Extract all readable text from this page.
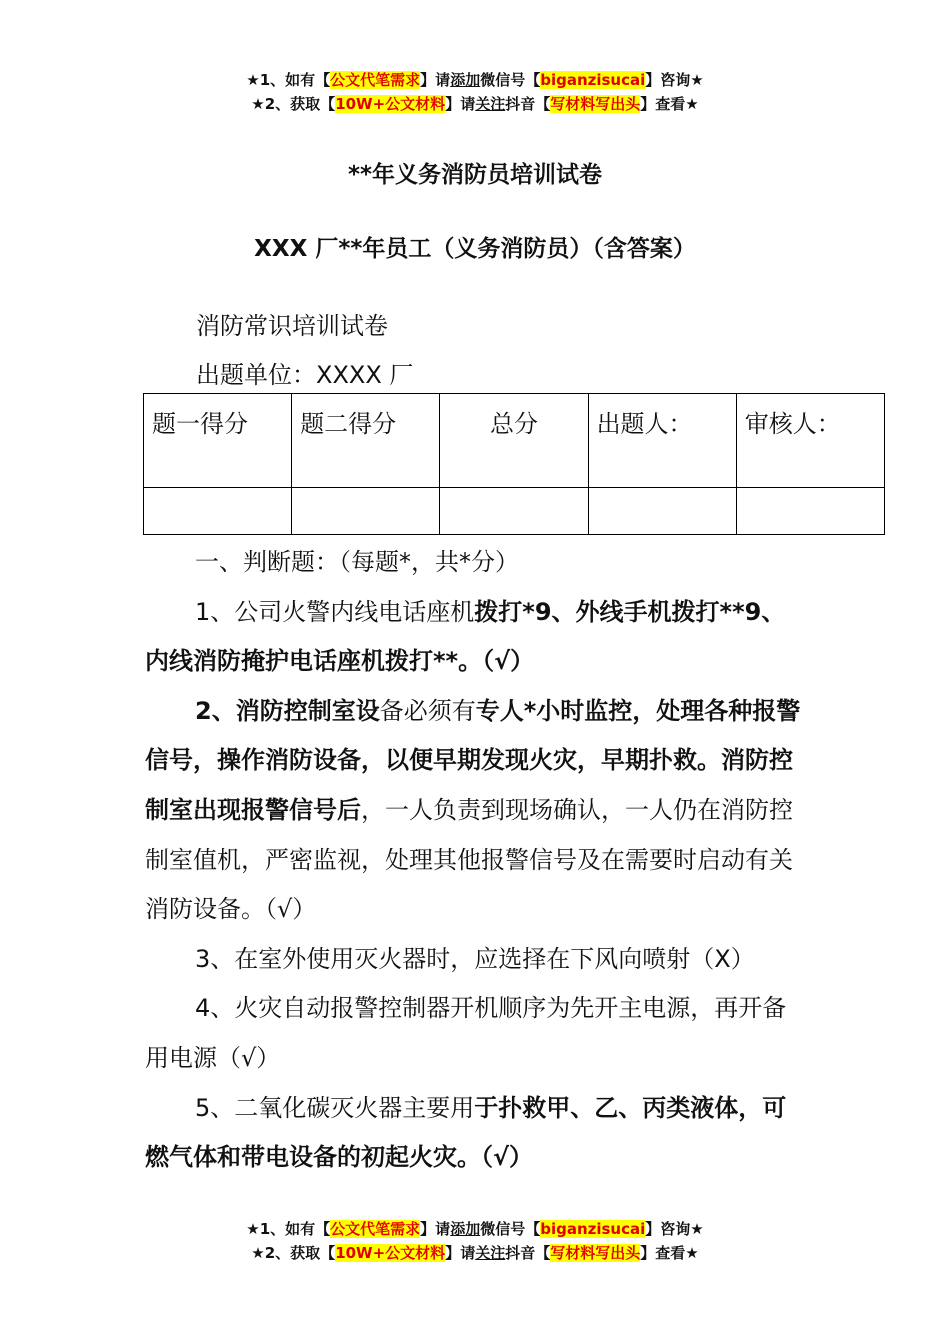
★1、如有【公文代笔需求】请添加微信号【biganzisucai】咨询★
★2、获取【10W+公文材料】请关注抖音【写材料写出头】查看★
**年义务消防员培训试卷
XXX 厂**年员工（义务消防员）（含答案）
消防常识培训试卷
出题单位：XXXX 厂
题一得分	题二得分	总分	出题人：	审核人：

一、判断题：（每题*，共*分）

1、公司火警内线电话座机拨打*9、外线手机拨打**9、内线消防掩护电话座机拨打**。（√）

2、消防控制室设备必须有专人*小时监控，处理各种报警信号，操作消防设备，以便早期发现火灾，早期扑救。消防控制室出现报警信号后，一人负责到现场确认，一人仍在消防控制室值机，严密监视，处理其他报警信号及在需要时启动有关消防设备。（√）

3、在室外使用灭火器时，应选择在下风向喷射（X）

4、火灾自动报警控制器开机顺序为先开主电源，再开备用电源（√）

5、二氧化碳灭火器主要用于扑救甲、乙、丙类液体，可燃气体和带电设备的初起火灾。（√）

★1、如有【公文代笔需求】请添加微信号【biganzisucai】咨询★
★2、获取【10W+公文材料】请关注抖音【写材料写出头】查看★
